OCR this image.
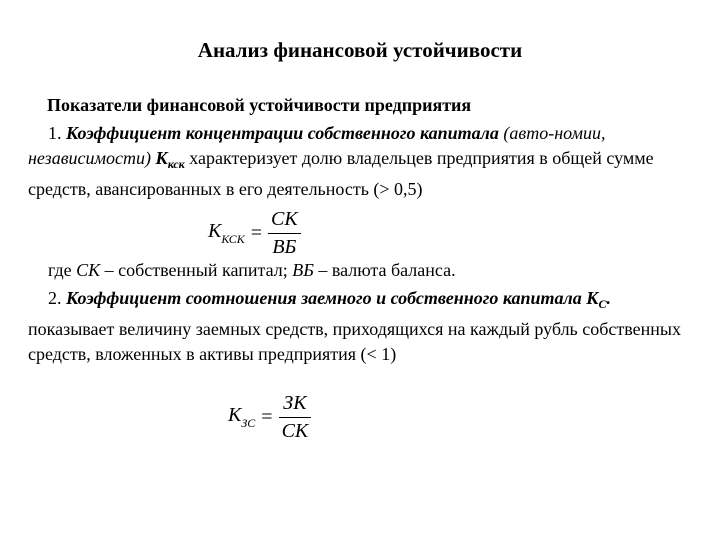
Анализ финансовой устойчивости
Показатели финансовой устойчивости предприятия
1. Коэффициент концентрации собственного капитала (авто-номии, независимости) $К_{кск}$ характеризует долю владельцев предприятия в общей сумме средств, авансированных в его деятельность (> 0,5)
$K_{КСК} = \frac{СК}{ВБ}$
где СК – собственный капитал; ВБ – валюта баланса.
2. Коэффициент соотношения заемного и собственного капитала $К_С$. показывает величину заемных средств, приходящихся на каждый рубль собственных средств, вложенных в активы предприятия (< 1)
$K_{ЗС} = \frac{ЗК}{СК}$
